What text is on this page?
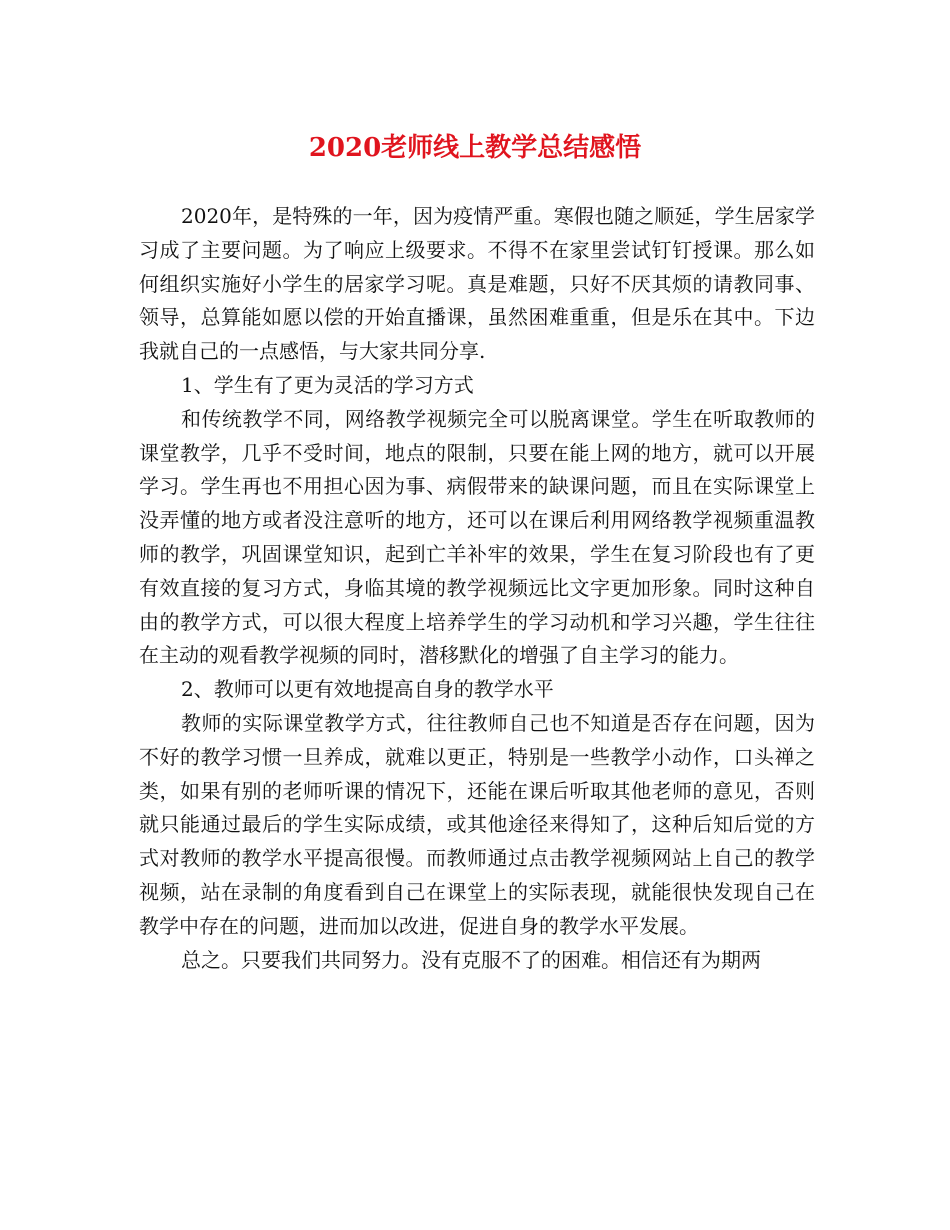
2020老师线上教学总结感悟

2020年，是特殊的一年，因为疫情严重。寒假也随之顺延，学生居家学习成了主要问题。为了响应上级要求。不得不在家里尝试钉钉授课。那么如何组织实施好小学生的居家学习呢。真是难题，只好不厌其烦的请教同事、领导，总算能如愿以偿的开始直播课，虽然困难重重，但是乐在其中。下边我就自己的一点感悟，与大家共同分享.

1、学生有了更为灵活的学习方式

和传统教学不同，网络教学视频完全可以脱离课堂。学生在听取教师的课堂教学，几乎不受时间，地点的限制，只要在能上网的地方，就可以开展学习。学生再也不用担心因为事、病假带来的缺课问题，而且在实际课堂上没弄懂的地方或者没注意听的地方，还可以在课后利用网络教学视频重温教师的教学，巩固课堂知识，起到亡羊补牢的效果，学生在复习阶段也有了更有效直接的复习方式，身临其境的教学视频远比文字更加形象。同时这种自由的教学方式，可以很大程度上培养学生的学习动机和学习兴趣，学生往往在主动的观看教学视频的同时，潜移默化的增强了自主学习的能力。

2、教师可以更有效地提高自身的教学水平

教师的实际课堂教学方式，往往教师自己也不知道是否存在问题，因为不好的教学习惯一旦养成，就难以更正，特别是一些教学小动作，口头禅之类，如果有别的老师听课的情况下，还能在课后听取其他老师的意见，否则就只能通过最后的学生实际成绩，或其他途径来得知了，这种后知后觉的方式对教师的教学水平提高很慢。而教师通过点击教学视频网站上自己的教学视频，站在录制的角度看到自己在课堂上的实际表现，就能很快发现自己在教学中存在的问题，进而加以改进，促进自身的教学水平发展。

总之。只要我们共同努力。没有克服不了的困难。相信还有为期两
